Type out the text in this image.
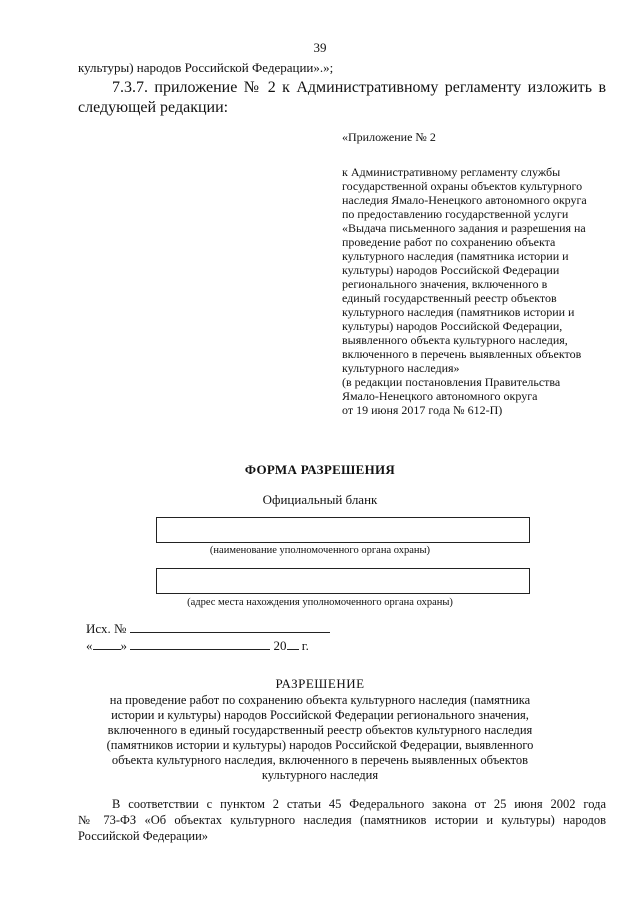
39
культуры) народов Российской Федерации».»;
7.3.7. приложение № 2 к Административному регламенту изложить в
следующей редакции:
«Приложение № 2
к Административному регламенту службы
государственной охраны объектов культурного
наследия Ямало-Ненецкого автономного округа
по предоставлению государственной услуги
«Выдача письменного задания и разрешения на
проведение работ по сохранению объекта
культурного наследия (памятника истории и
культуры) народов Российской Федерации
регионального значения, включенного в
единый государственный реестр объектов
культурного наследия (памятников истории и
культуры) народов Российской Федерации,
выявленного объекта культурного наследия,
включенного в перечень выявленных объектов
культурного наследия»
(в редакции постановления Правительства
Ямало-Ненецкого автономного округа
от 19 июня 2017 года № 612-П)
ФОРМА РАЗРЕШЕНИЯ
Официальный бланк
(наименование уполномоченного органа охраны)
(адрес места нахождения уполномоченного органа охраны)
Исх. №
« »	20 г.
РАЗРЕШЕНИЕ
на проведение работ по сохранению объекта культурного наследия (памятника
истории и культуры) народов Российской Федерации регионального значения,
включенного в единый государственный реестр объектов культурного наследия
(памятников истории и культуры) народов Российской Федерации, выявленного
объекта культурного наследия, включенного в перечень выявленных объектов
культурного наследия
В соответствии с пунктом 2 статьи 45 Федерального закона от 25 июня 2002 года
№ 73-ФЗ «Об объектах культурного наследия (памятников истории и культуры) народов
Российской Федерации»
